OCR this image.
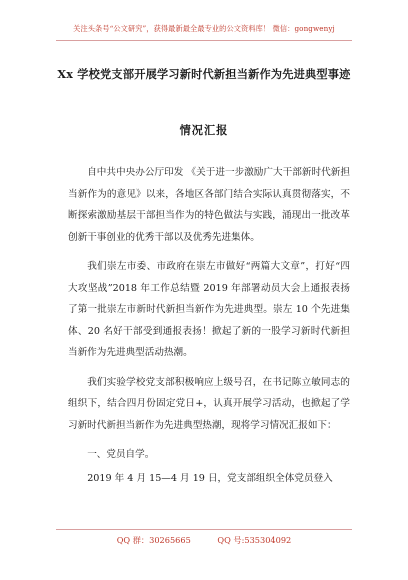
关注头条号“公文研究”，获得最新最全最专业的公文资料库！ 微信：gongwenyj
Xx 学校党支部开展学习新时代新担当新作为先进典型事迹
情况汇报

自中共中央办公厅印发 《关于进一步激励广大干部新时代新担当新作为的意见》以来，各地区各部门结合实际认真贯彻落实，不断探索激励基层干部担当作为的特色做法与实践，涌现出一批改革创新干事创业的优秀干部以及优秀先进集体。

我们崇左市委、市政府在崇左市做好“两篇大文章”，打好“四大攻坚战”2018 年工作总结暨 2019 年部署动员大会上通报表扬了第一批崇左市新时代新担当新作为先进典型。崇左 10 个先进集体、20 名好干部受到通报表扬！掀起了新的一股学习新时代新担当新作为先进典型活动热潮。

我们实验学校党支部积极响应上级号召，在书记陈立敏同志的组织下，结合四月份固定党日+，认真开展学习活动，也掀起了学习新时代新担当新作为先进典型热潮，现将学习情况汇报如下：

一、党员自学。

2019 年 4 月 15—4 月 19 日，党支部组织全体党员登入

QQ 群：30265665	QQ 号:535304092
